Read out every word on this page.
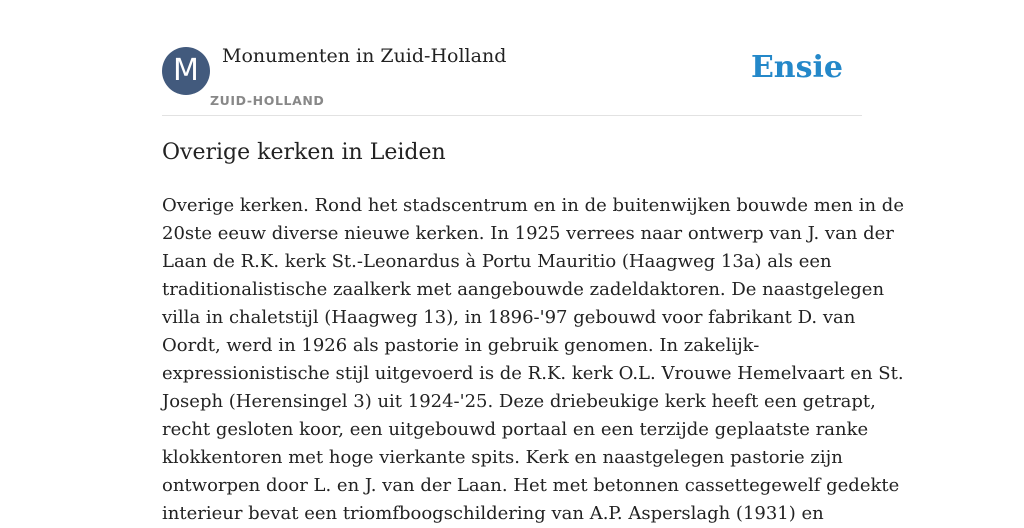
M	Monumenten in Zuid-Holland
ZUID-HOLLAND
Ensie
Overige kerken in Leiden

Overige kerken. Rond het stadscentrum en in de buitenwijken bouwde men in de
20ste eeuw diverse nieuwe kerken. In 1925 verrees naar ontwerp van J. van der
Laan de R.K. kerk St.-Leonardus à Portu Mauritio (Haagweg 13a) als een
traditionalistische zaalkerk met aangebouwde zadeldaktoren. De naastgelegen
villa in chaletstijl (Haagweg 13), in 1896-'97 gebouwd voor fabrikant D. van
Oordt, werd in 1926 als pastorie in gebruik genomen. In zakelijk-
expressionistische stijl uitgevoerd is de R.K. kerk O.L. Vrouwe Hemelvaart en St.
Joseph (Herensingel 3) uit 1924-'25. Deze driebeukige kerk heeft een getrapt,
recht gesloten koor, een uitgebouwd portaal en een terzijde geplaatste ranke
klokkentoren met hoge vierkante spits. Kerk en naastgelegen pastorie zijn
ontworpen door L. en J. van der Laan. Het met betonnen cassettegewelf gedekte
interieur bevat een triomfboogschildering van A.P. Asperslagh (1931) en
